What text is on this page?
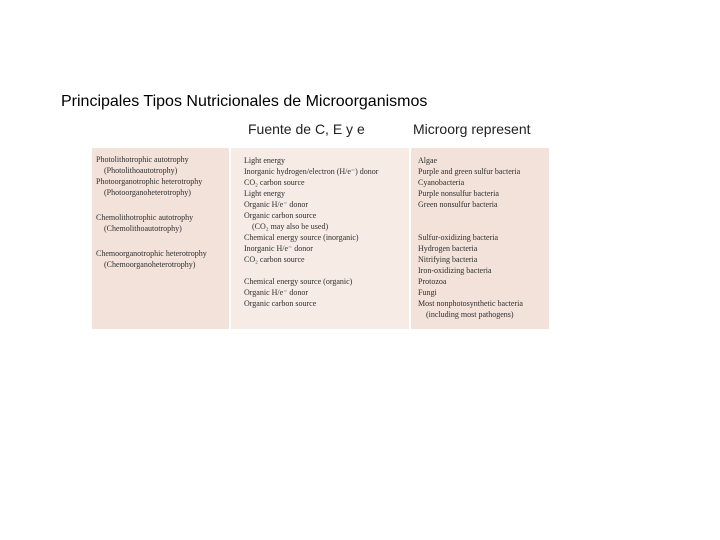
Principales Tipos Nutricionales de Microorganismos
Fuente de C, E y e	Microorg represent
Photolithotrophic autotrophy
(Photolithoautotrophy)
Photoorganotrophic heterotrophy
(Photoorganoheterotrophy)
Chemolithotrophic autotrophy
(Chemolithoautotrophy)
Chemoorganotrophic heterotrophy
(Chemoorganoheterotrophy)
Light energy
Inorganic hydrogen/electron (H/e⁻) donor
CO₂ carbon source
Light energy
Organic H/e⁻ donor
Organic carbon source
(CO₂ may also be used)
Chemical energy source (inorganic)
Inorganic H/e⁻ donor
CO₂ carbon source
Chemical energy source (organic)
Organic H/e⁻ donor
Organic carbon source
Algae
Purple and green sulfur bacteria
Cyanobacteria
Purple nonsulfur bacteria
Green nonsulfur bacteria
Sulfur-oxidizing bacteria
Hydrogen bacteria
Nitrifying bacteria
Iron-oxidizing bacteria
Protozoa
Fungi
Most nonphotosynthetic bacteria
(including most pathogens)
